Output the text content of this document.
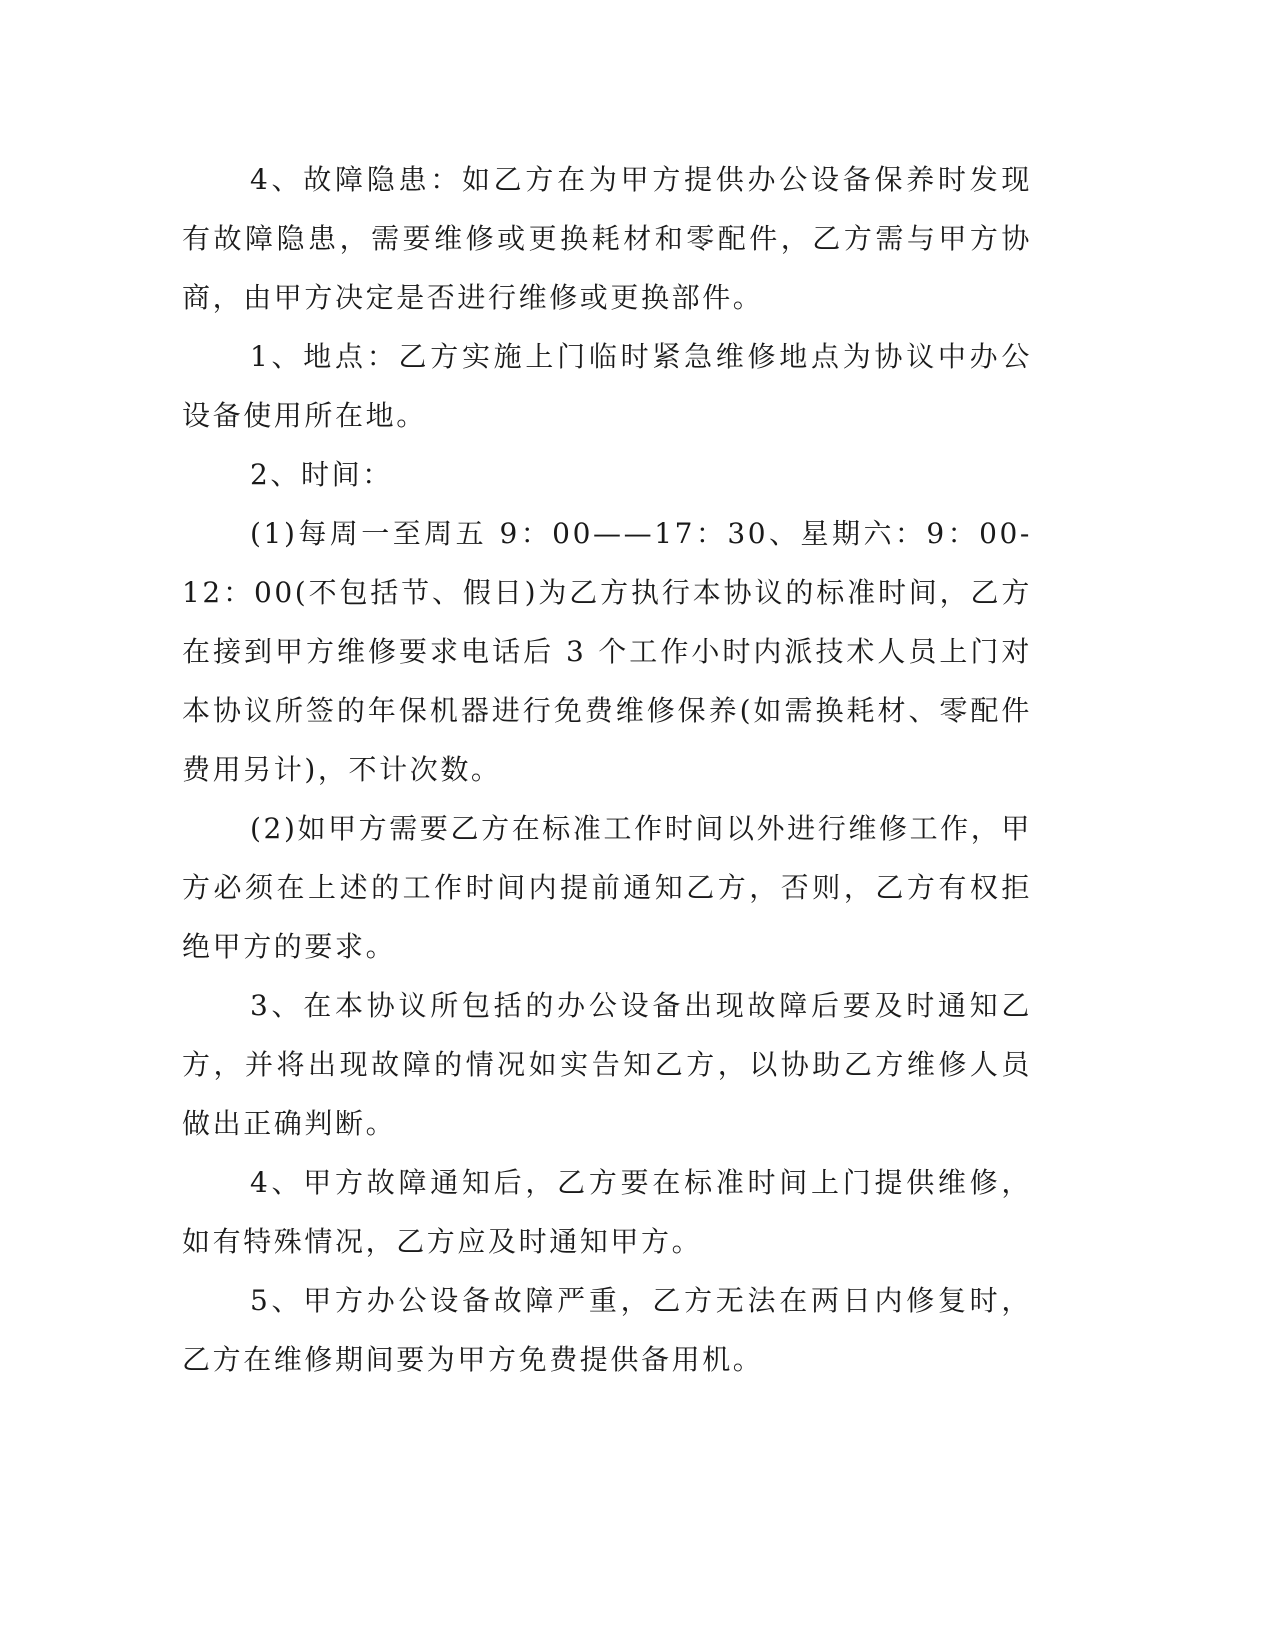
4、故障隐患：如乙方在为甲方提供办公设备保养时发现有故障隐患，需要维修或更换耗材和零配件，乙方需与甲方协商，由甲方决定是否进行维修或更换部件。

1、地点：乙方实施上门临时紧急维修地点为协议中办公设备使用所在地。

2、时间：

(1)每周一至周五 9：00——17：30、星期六：9：00-12：00(不包括节、假日)为乙方执行本协议的标准时间，乙方在接到甲方维修要求电话后 3 个工作小时内派技术人员上门对本协议所签的年保机器进行免费维修保养(如需换耗材、零配件费用另计)，不计次数。

(2)如甲方需要乙方在标准工作时间以外进行维修工作，甲方必须在上述的工作时间内提前通知乙方，否则，乙方有权拒绝甲方的要求。

3、在本协议所包括的办公设备出现故障后要及时通知乙方，并将出现故障的情况如实告知乙方，以协助乙方维修人员做出正确判断。

4、甲方故障通知后，乙方要在标准时间上门提供维修，如有特殊情况，乙方应及时通知甲方。

5、甲方办公设备故障严重，乙方无法在两日内修复时，乙方在维修期间要为甲方免费提供备用机。
